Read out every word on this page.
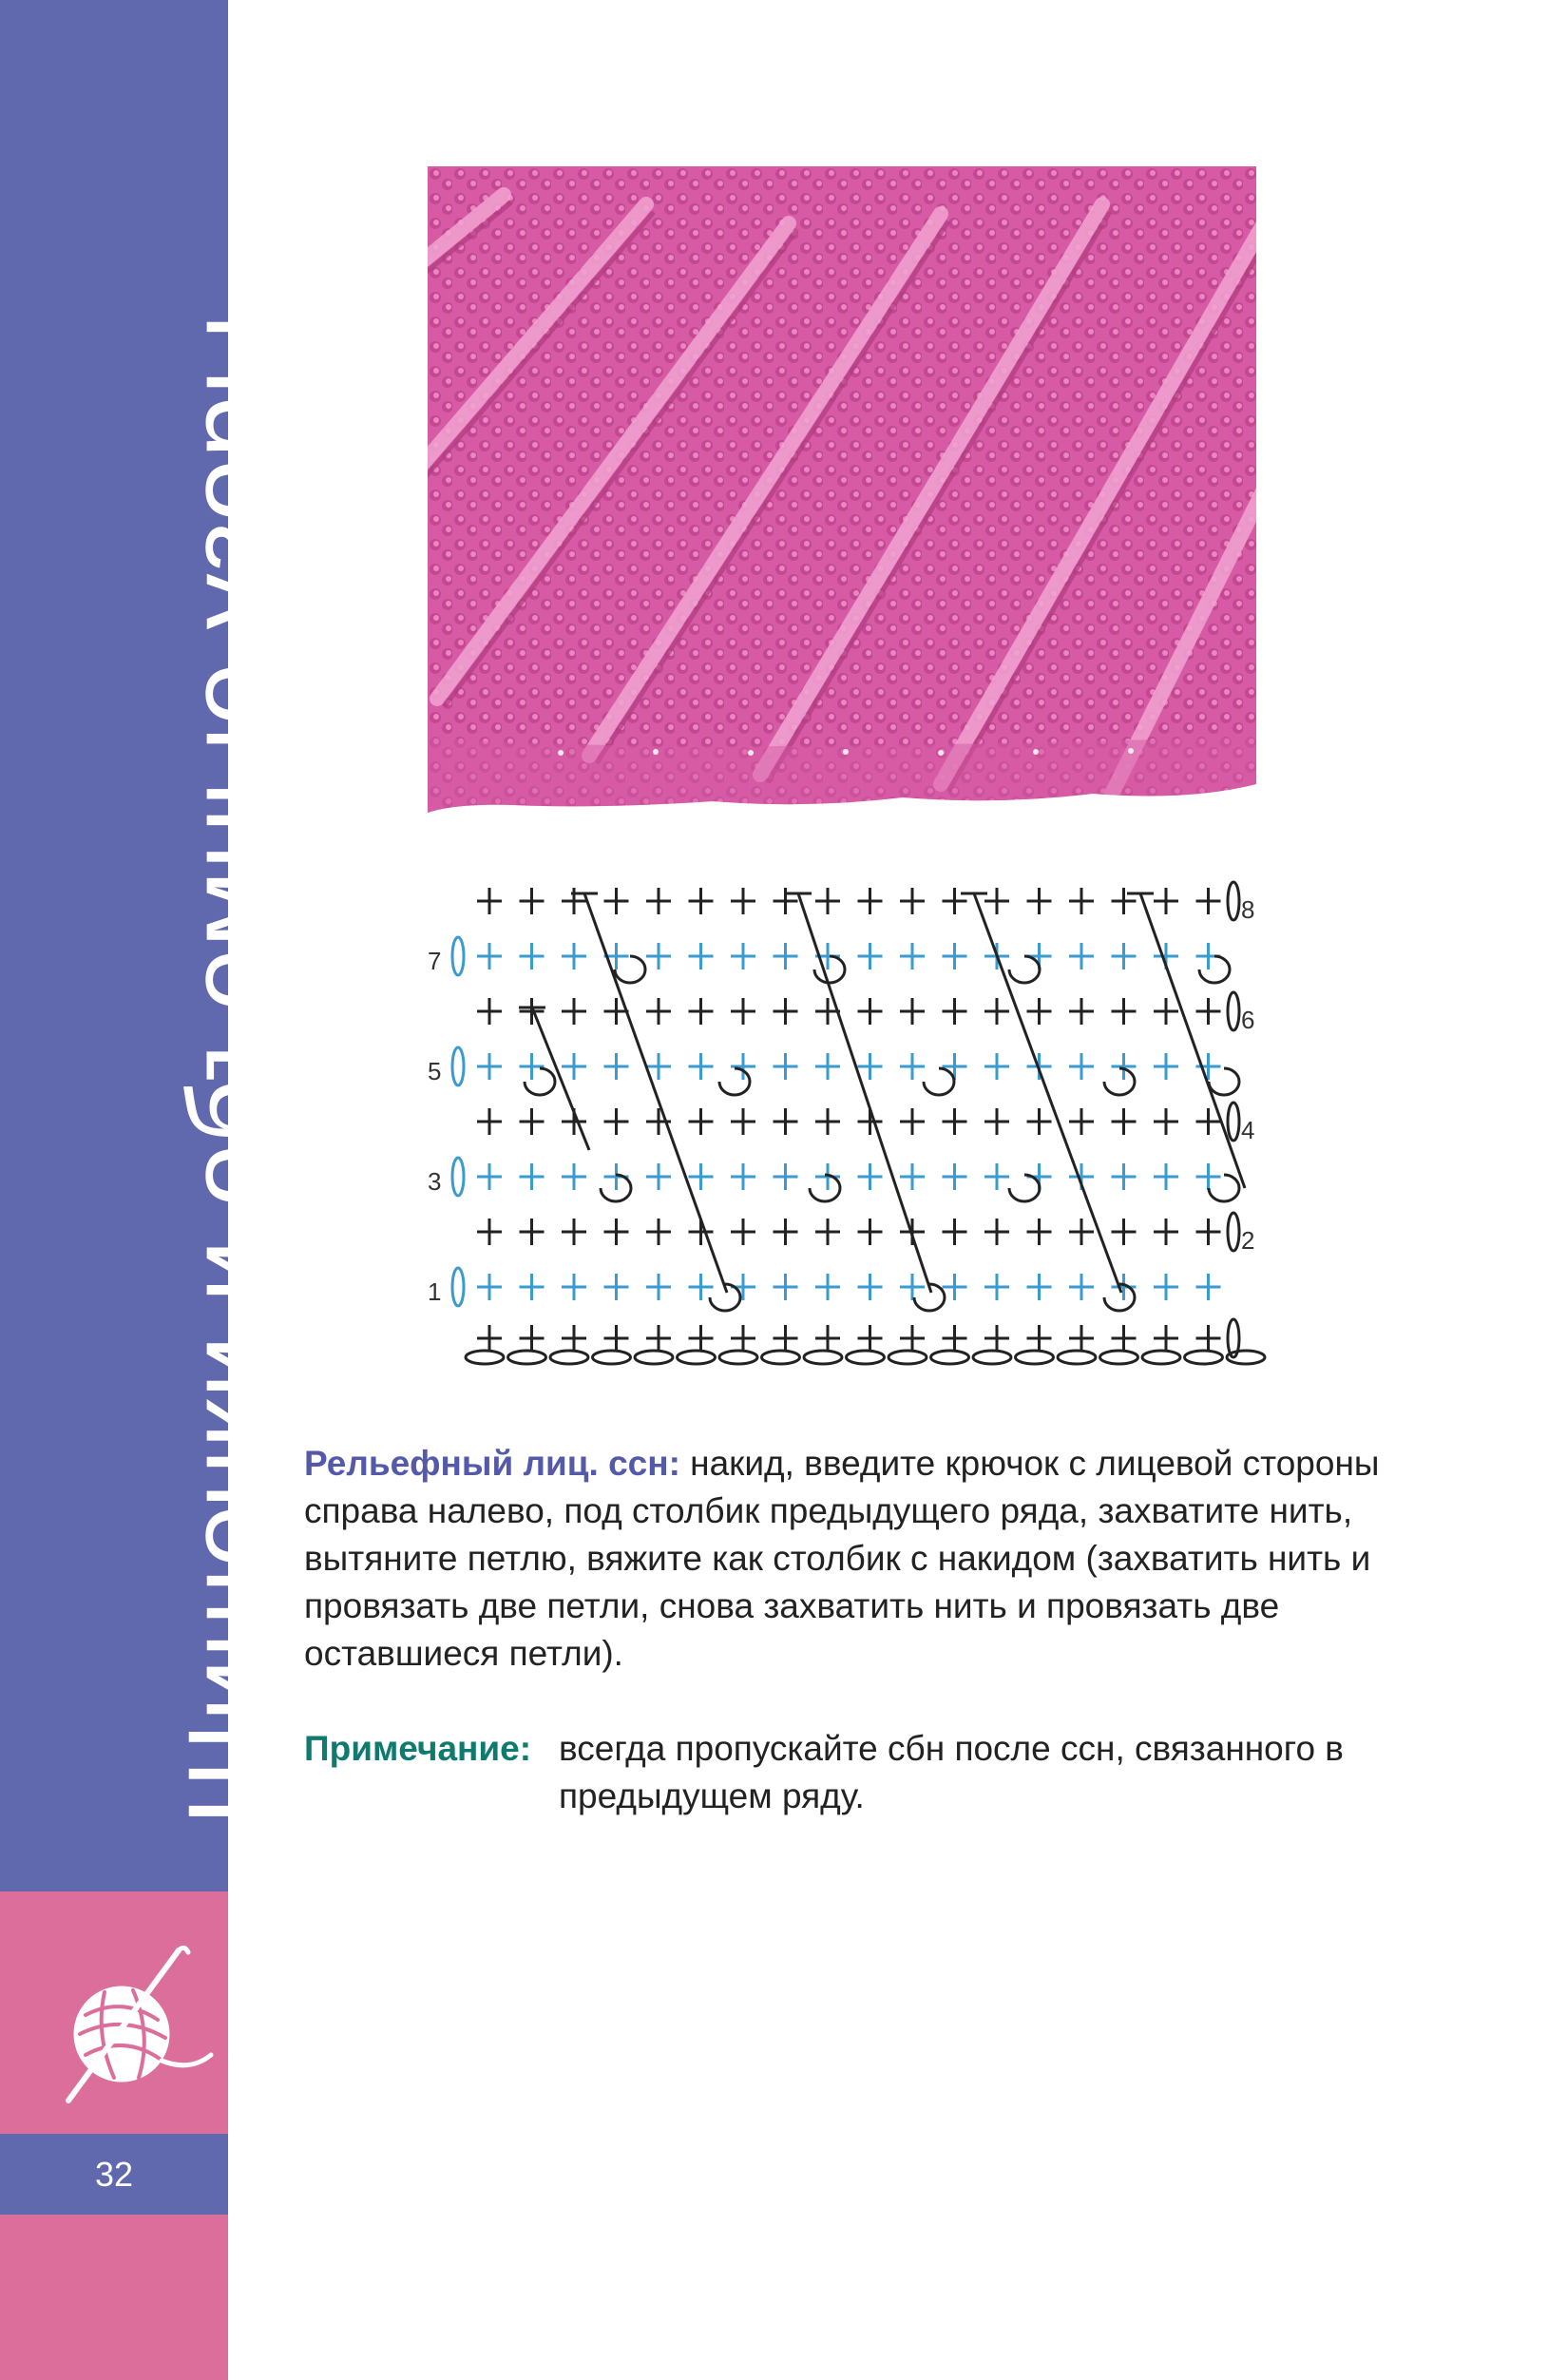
Шишечки и объемные узоры
32
7
5
3
1
8
6
4
2
Рельефный лиц. ссн: накид, введите крючок с лицевой стороны справа налево, под столбик предыдущего ряда, захватите нить, вытяните петлю, вяжите как столбик с накидом (захватить нить и провязать две петли, снова захватить нить и провязать две оставшиеся петли).
Примечание: всегда пропускайте сбн после ссн, связанного в предыдущем ряду.
